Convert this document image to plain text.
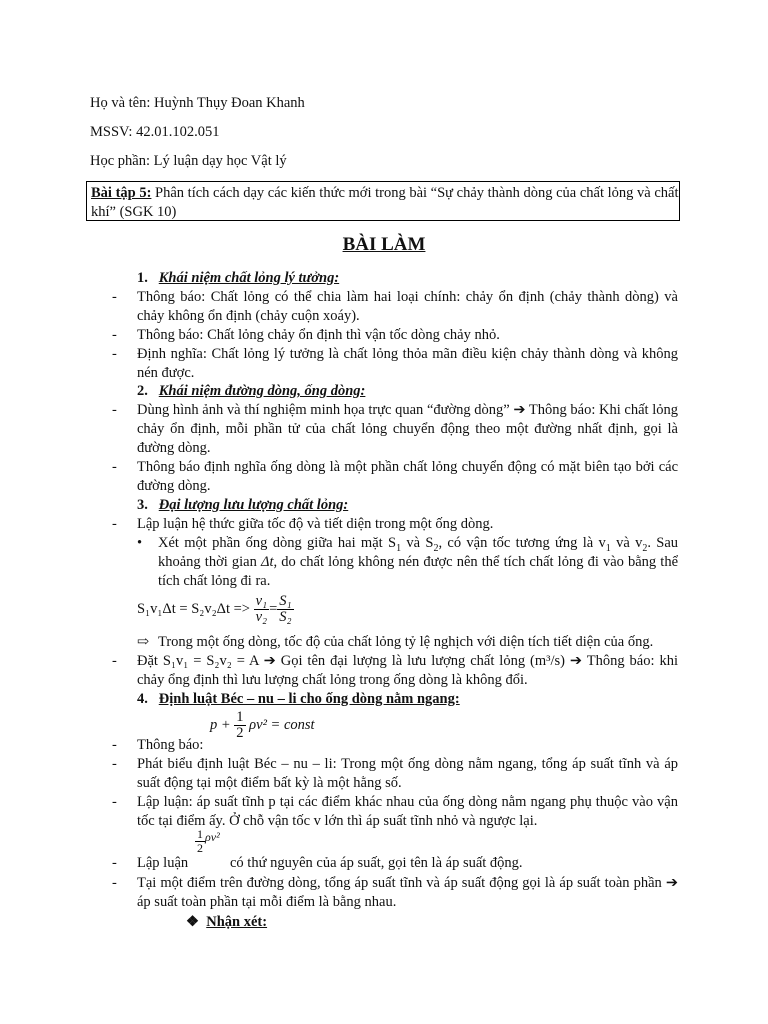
Họ và tên: Huỳnh Thụy Đoan Khanh
MSSV: 42.01.102.051
Học phần: Lý luận dạy học Vật lý
Bài tập 5: Phân tích cách dạy các kiến thức mới trong bài “Sự chảy thành dòng của chất lỏng và chất khí” (SGK 10)
BÀI LÀM
1. Khái niệm chất lỏng lý tưởng:
- Thông báo: Chất lỏng có thể chia làm hai loại chính: chảy ổn định (chảy thành dòng) và chảy không ổn định (chảy cuộn xoáy).
- Thông báo: Chất lỏng chảy ổn định thì vận tốc dòng chảy nhỏ.
- Định nghĩa: Chất lỏng lý tưởng là chất lỏng thỏa mãn điều kiện chảy thành dòng và không nén được.
2. Khái niệm đường dòng, ống dòng:
- Dùng hình ảnh và thí nghiệm minh họa trực quan “đường dòng” ➔ Thông báo: Khi chất lỏng chảy ổn định, mỗi phần tử của chất lỏng chuyển động theo một đường nhất định, gọi là đường dòng.
- Thông báo định nghĩa ống dòng là một phần chất lỏng chuyển động có mặt biên tạo bởi các đường dòng.
3. Đại lượng lưu lượng chất lỏng:
- Lập luận hệ thức giữa tốc độ và tiết diện trong một ống dòng.
• Xét một phần ống dòng giữa hai mặt $S_1$ và $S_2$, có vận tốc tương ứng là $v_1$ và $v_2$. Sau khoảng thời gian Δt, do chất lỏng không nén được nên thể tích chất lỏng đi vào bằng thể tích chất lỏng đi ra.
$S_1v_1\Delta t = S_2v_2\Delta t => \frac{\text{v₁}}{\text{v₂}} = \frac{\text{S₁}}{\text{S₂}}$
⇨ Trong một ống dòng, tốc độ của chất lỏng tỷ lệ nghịch với diện tích tiết diện của ống.
- Đặt S₁v₁ = S₂v₂ = A ➔ Gọi tên đại lượng là lưu lượng chất lỏng (m³/s) ➔ Thông báo: khi chảy ổng định thì lưu lượng chất lỏng trong ống dòng là không đổi.
4. Định luật Béc – nu – li cho ống dòng nằm ngang:
$p + \frac{1}{2} \rho v^2$ = const
- Thông báo:
- Phát biểu định luật Béc – nu – li: Trong một ống dòng nằm ngang, tổng áp suất tĩnh và áp suất động tại một điểm bất kỳ là một hằng số.
- Lập luận: áp suất tĩnh p tại các điểm khác nhau của ống dòng nằm ngang phụ thuộc vào vận tốc tại điểm ấy. Ở chỗ vận tốc v lớn thì áp suất tĩnh nhỏ và ngược lại.
- Lập luận
$\frac{1}{2} \rho v^2$
có thứ nguyên của áp suất, gọi tên là áp suất động.
- Tại một điểm trên đường dòng, tổng áp suất tĩnh và áp suất động gọi là áp suất toàn phần ➔ áp suất toàn phần tại mỗi điểm là bằng nhau.
❖ Nhận xét:
